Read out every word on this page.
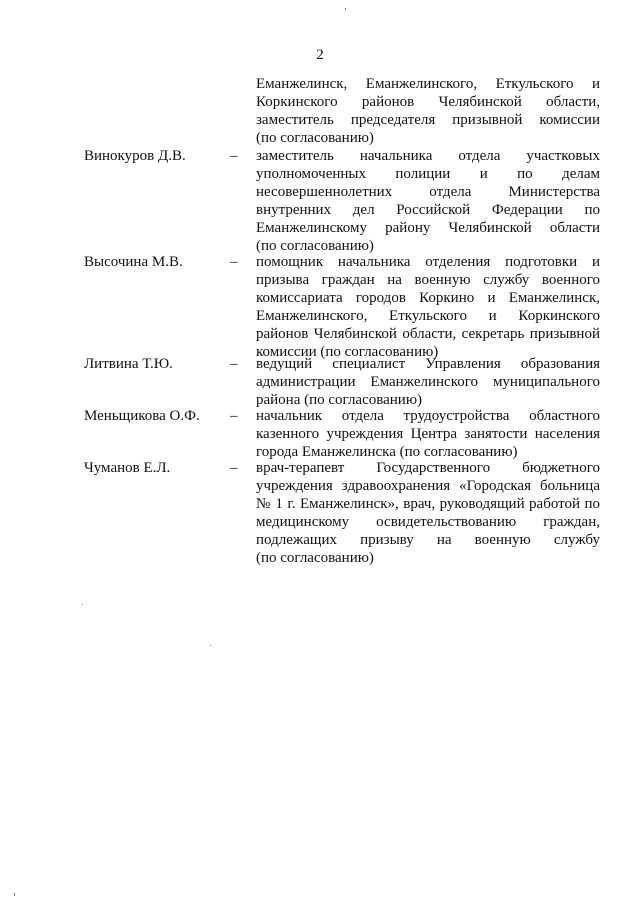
2
Еманжелинск, Еманжелинского, Еткульского и
Коркинского районов Челябинской области,
заместитель председателя призывной комиссии
(по согласованию)
Винокуров Д.В.	– заместитель начальника отдела участковых
уполномоченных полиции и по делам
несовершеннолетних отдела Министерства
внутренних дел Российской Федерации по
Еманжелинскому району Челябинской области
(по согласованию)
Высочина М.В.	– помощник начальника отделения подготовки и
призыва граждан на военную службу военного
комиссариата городов Коркино и Еманжелинск,
Еманжелинского, Еткульского и Коркинского
районов Челябинской области, секретарь призывной
комиссии (по согласованию)
Литвина Т.Ю.	– ведущий специалист Управления образования
администрации Еманжелинского муниципального
района (по согласованию)
Меньщикова О.Ф. – начальник отдела трудоустройства областного
казенного учреждения Центра занятости населения
города Еманжелинска (по согласованию)
Чуманов Е.Л.	– врач-терапевт Государственного бюджетного
учреждения здравоохранения «Городская больница
№ 1 г. Еманжелинск», врач, руководящий работой по
медицинскому освидетельствованию граждан,
подлежащих призыву на военную службу
(по согласованию)
